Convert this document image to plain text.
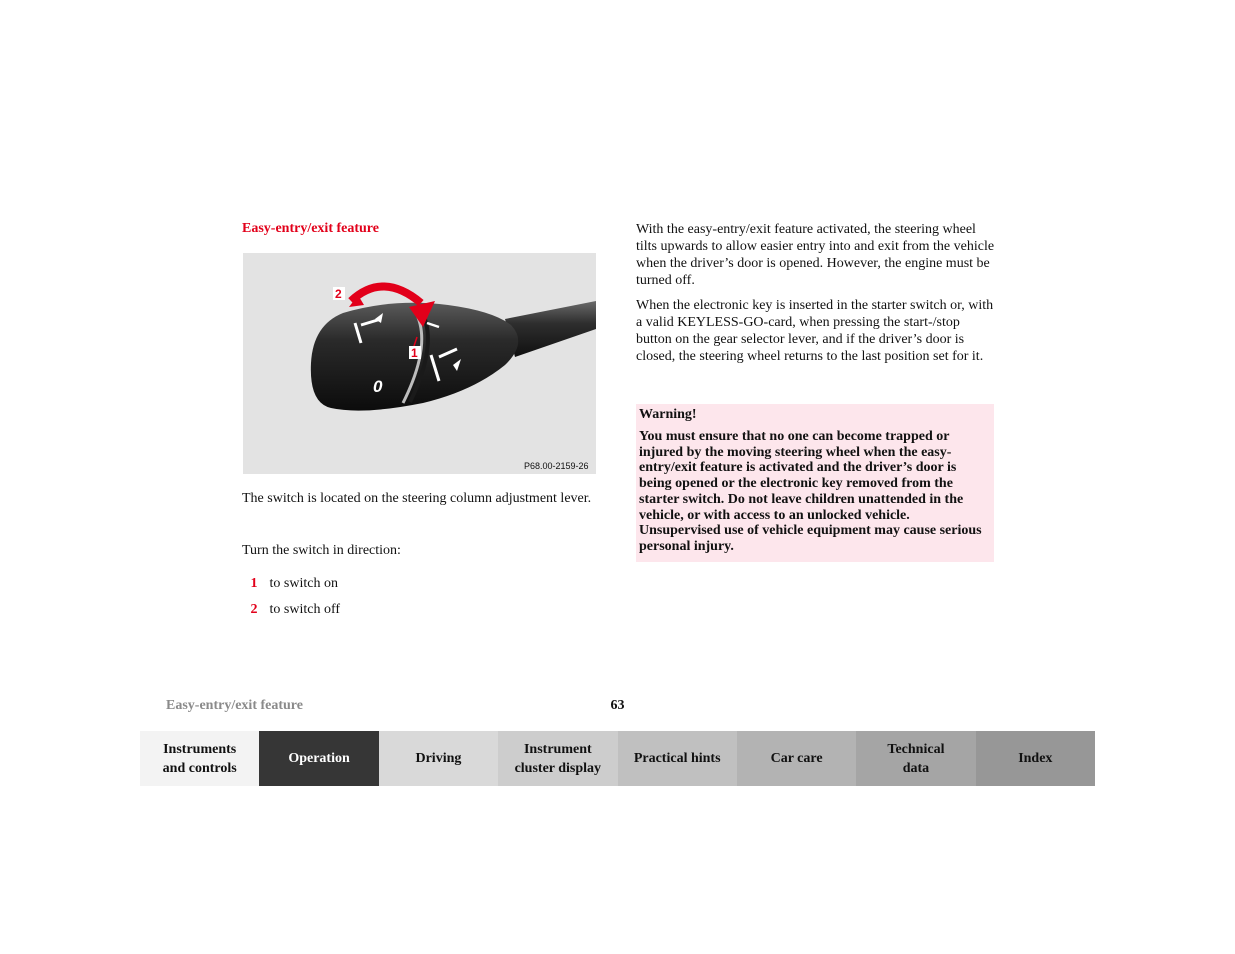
Easy-entry/exit feature
0
2
1
P68.00-2159-26
The switch is located on the steering column adjustment lever.
Turn the switch in direction:
1 to switch on
2 to switch off
With the easy-entry/exit feature activated, the steering wheel tilts upwards to allow easier entry into and exit from the vehicle when the driver’s door is opened. However, the engine must be turned off.
When the electronic key is inserted in the starter switch or, with a valid KEYLESS-GO-card, when pressing the start-/stop button on the gear selector lever, and if the driver’s door is closed, the steering wheel returns to the last position set for it.
Warning!
You must ensure that no one can become trapped or injured by the moving steering wheel when the easy-entry/exit feature is activated and the driver’s door is being opened or the electronic key removed from the starter switch. Do not leave children unattended in the vehicle, or with access to an unlocked vehicle. Unsupervised use of vehicle equipment may cause serious personal injury.
Easy-entry/exit feature	63
Instruments
and controls
Operation	Driving
Instrument
cluster display
Practical hints	Car care
Technical
data
Index
